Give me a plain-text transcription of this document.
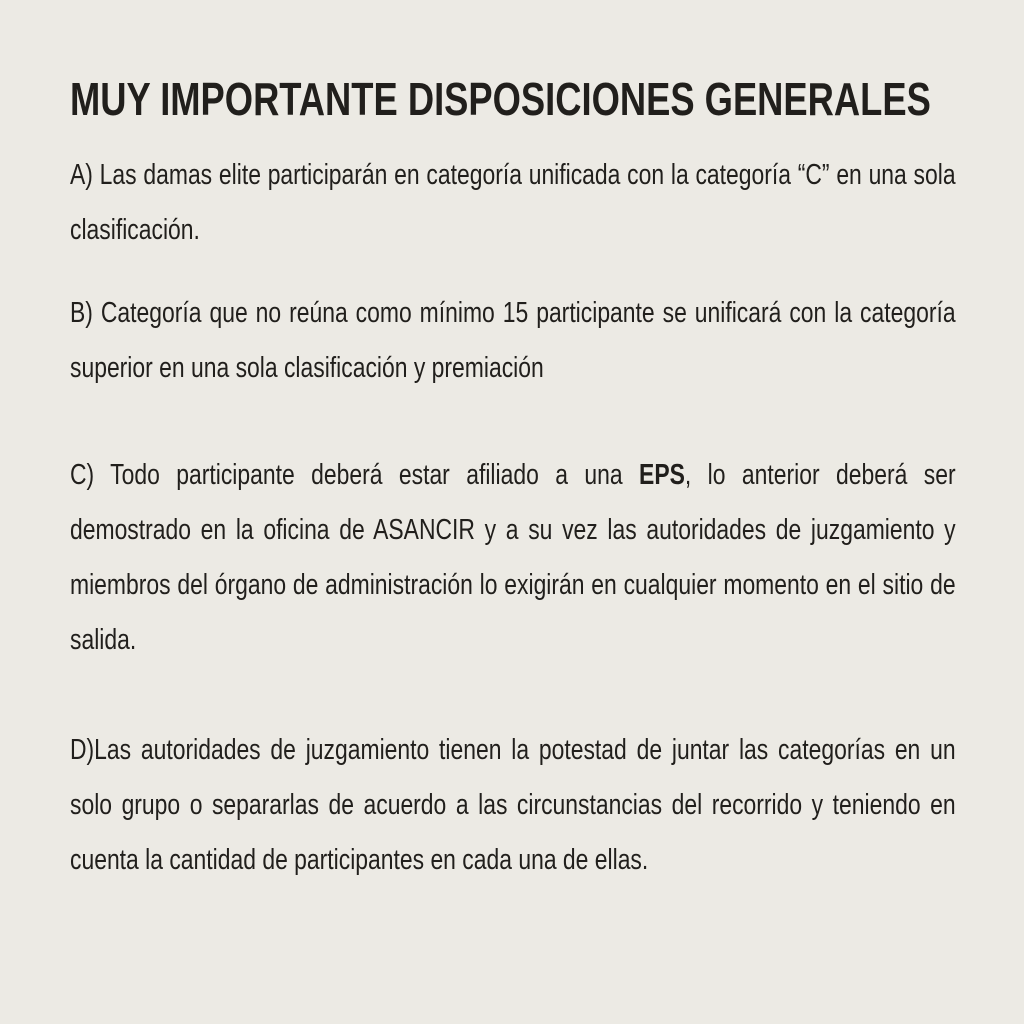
MUY IMPORTANTE DISPOSICIONES GENERALES

A) Las damas elite participarán en categoría unificada con la categoría “C” en una sola clasificación.

B) Categoría que no reúna como mínimo 15 participante se unificará con la categoría superior en una sola clasificación y premiación

C) Todo participante deberá estar afiliado a una EPS, lo anterior deberá ser demostrado en la oficina de ASANCIR y a su vez las autoridades de juzgamiento y miembros del órgano de administración lo exigirán en cualquier momento en el sitio de salida.

D)Las autoridades de juzgamiento tienen la potestad de juntar las categorías en un solo grupo o separarlas de acuerdo a las circunstancias del recorrido y teniendo en cuenta la cantidad de participantes en cada una de ellas.
